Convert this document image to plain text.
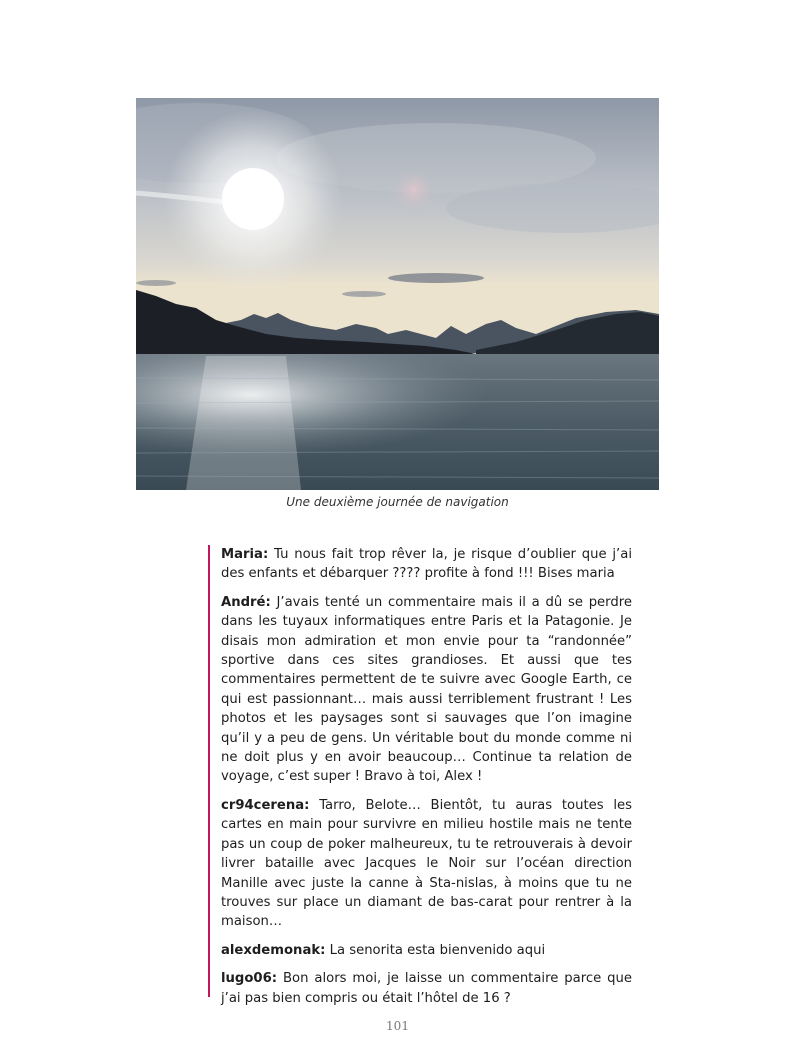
Une deuxième journée de navigation

Maria: Tu nous fait trop rêver la, je risque d’oublier que j’ai des enfants et débarquer ???? profite à fond !!! Bises maria

André: J’avais tenté un commentaire mais il a dû se perdre dans les tuyaux informatiques entre Paris et la Patagonie. Je disais mon admiration et mon envie pour ta “randonnée” sportive dans ces sites grandioses. Et aussi que tes commentaires permettent de te suivre avec Google Earth, ce qui est passionnant… mais aussi terriblement frustrant ! Les photos et les paysages sont si sauvages que l’on imagine qu’il y a peu de gens. Un véritable bout du monde comme ni ne doit plus y en avoir beaucoup… Continue ta relation de voyage, c’est super ! Bravo à toi, Alex !

cr94cerena: Tarro, Belote… Bientôt, tu auras toutes les cartes en main pour survivre en milieu hostile mais ne tente pas un coup de poker malheureux, tu te retrouverais à devoir livrer bataille avec Jacques le Noir sur l’océan direction Manille avec juste la canne à Sta-nislas, à moins que tu ne trouves sur place un diamant de bas-carat pour rentrer à la maison…

alexdemonak: La senorita esta bienvenido aqui

lugo06: Bon alors moi, je laisse un commentaire parce que j’ai pas bien compris ou était l’hôtel de 16 ?

101
